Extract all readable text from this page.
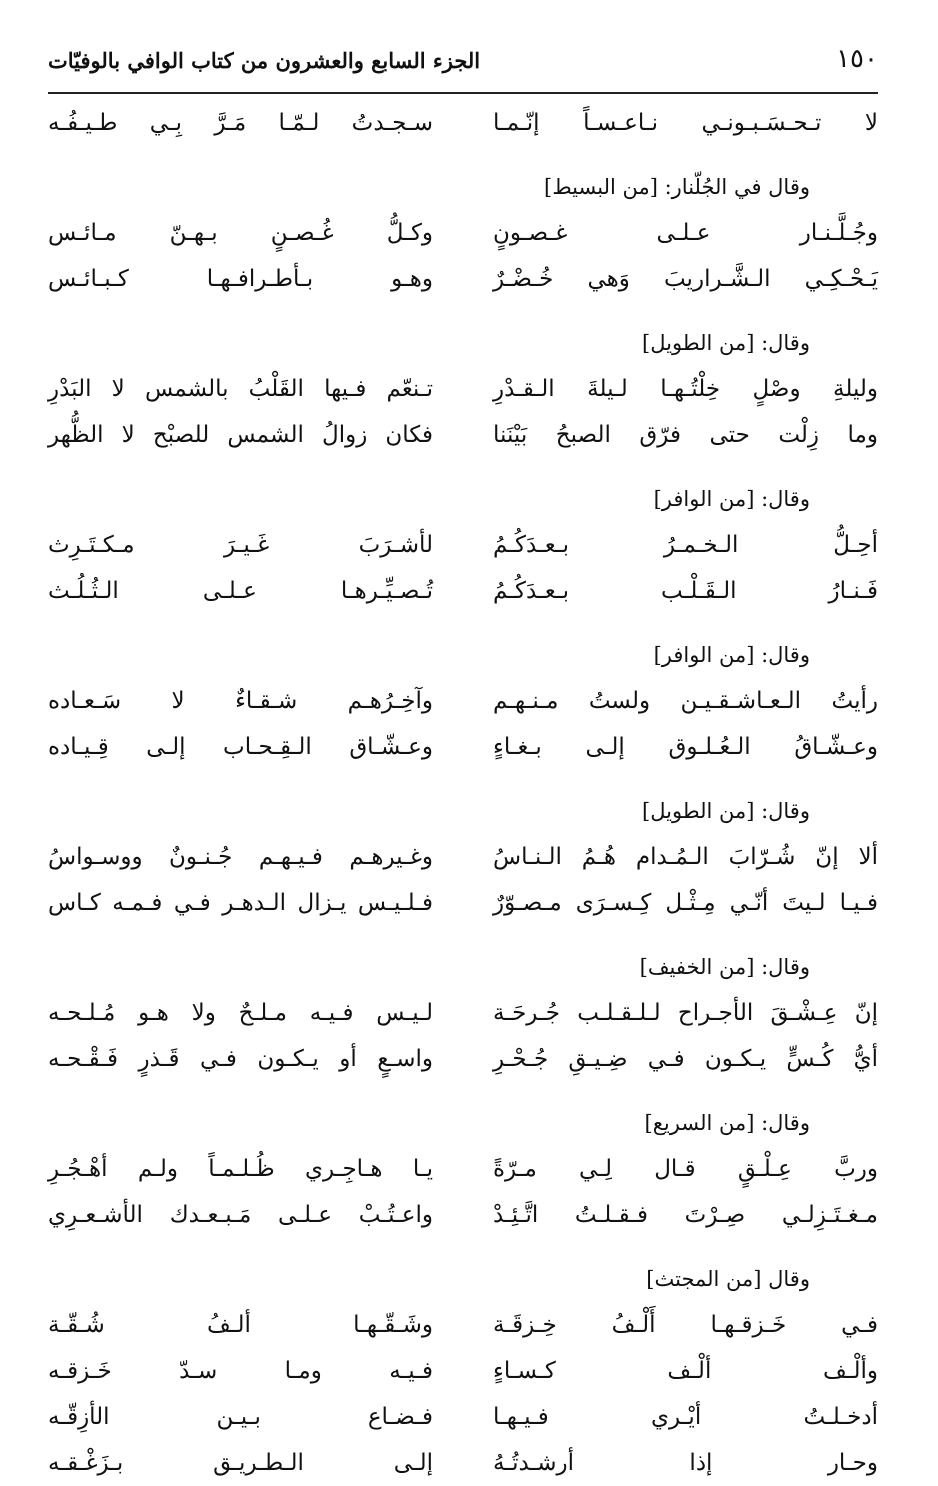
١٥٠
الجزء السابع والعشرون من كتاب الوافي بالوفيّات
لا تـحـسَـبـونـي نـاعـسـاً إنّـمـا
سـجـدتُ لـمّـا مَـرَّ بِـي طـيـفُـه
وقال في الجُلّنار: [من البسيط]
وجُـلَّـنـار عـلـى غـصـونٍ
وكـلُّ غُـصـنٍ بـهـنّ مـائـس
يَـحْـكِـي الـشَّـراريبَ وَهي خُـضْـرٌ
وهـو بـأطـرافـهـا كـبـائـس
وقال: [من الطويل]
وليلةِ وصْلٍ خِلْتُـهـا لـيلةَ الـقـدْرِ
تـنعّم فـيها القَلْبُ بالشمس لا البَدْرِ
وما زِلْت حتى فرّق الصبحُ بَيْنَنا
فكان زوالُ الشمس للصبْح لا الظُّهر
وقال: [من الوافر]
أحِـلُّ الـخـمـرُ بـعـدَكُـمُ
لأشـرَبَ غَـيـرَ مـكـتَـرِث
فَـنـارُ الـقَـلْـب بـعـدَكُـمُ
تُـصـيِّـرهـا عـلـى الـثُـلُـث
وقال: [من الوافر]
رأيتُ الـعـاشـقـيـن ولستُ مـنـهـم
وآخِـرُهـم شـقـاءٌ لا سَـعـاده
وعـشّـاقُ الـعُـلـوق إلـى بـغـاءٍ
وعـشّـاق الـقِـحـاب إلـى قِـيـاده
وقال: [من الطويل]
ألا إنّ شُـرّابَ الـمُـدام هُـمُ الـنـاسُ
وغـيرهـم فـيـهـم جُـنـونٌ ووسـواسُ
فـيـا لـيتَ أنّـي مِـثْـل كِـسـرَى مـصـوّرٌ
فـلـيـس يـزال الـدهـر فـي فـمـه كـاس
وقال: [من الخفيف]
إنّ عِـشْـقَ الأجـراح لـلـقـلـب جُـرحَـة
لـيـس فـيـه مـلـحٌ ولا هـو مُـلـحـه
أيُّ كُـسٍّ يـكـون فـي ضِـيـقِ جُـحْـرِ
واسـعٍ أو يـكـون فـي قَـذرٍ فَـقْـحـه
وقال: [من السريع]
وربَّ عِـلْـقٍ قـال لِـي مـرّةً
يـا هـاجِـري ظُـلـمـاً ولـم أهْـجُـرِ
مـغـتَـزِلـي صِـرْتَ فـقـلـتُ اتَّـئِـدْ
واعـتُـبْ عـلـى مَـبـعـدك الأشـعـرِي
وقال [من المجتث]
فـي خَـزقـهـا أَلْـفُ خِـزقَـة
وشَـقّـهـا ألـفُ شُـقّـة
وألْـف ألْـف كـسـاءٍ
فـيـه ومـا سـدّ خَـزقـه
أدخـلـتُ أيْـري فـيـهـا
فـضـاع بـيـن الأزِقّـه
وحـار إذا أرشـدتُـهُ
إلـى الـطـريـق بـزَغْـقـه
